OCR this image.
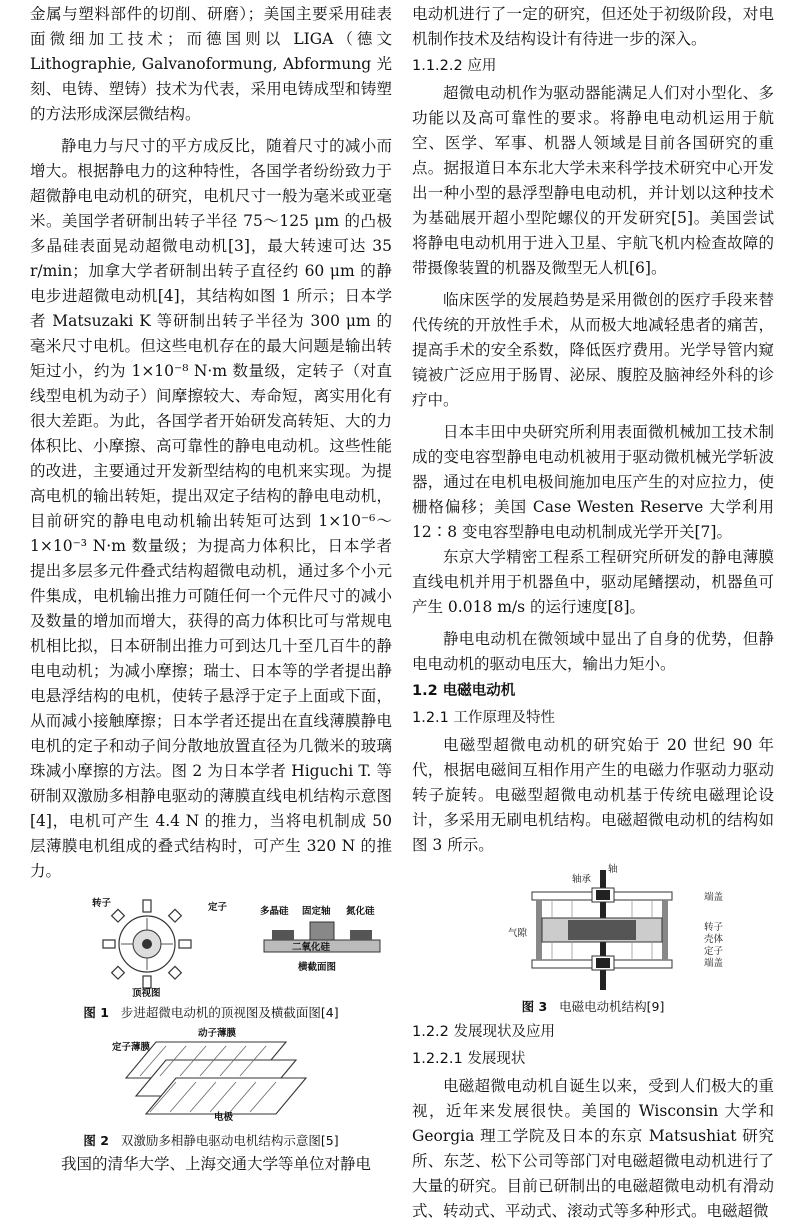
金属与塑料部件的切削、研磨）；美国主要采用硅表面微细加工技术；而德国则以 LIGA（德文 Lithographie, Galvanoformung, Abformung 光刻、电铸、塑铸）技术为代表，采用电铸成型和铸塑的方法形成深层微结构。

静电力与尺寸的平方成反比，随着尺寸的减小而增大。根据静电力的这种特性，各国学者纷纷致力于超微静电电动机的研究，电机尺寸一般为毫米或亚毫米。美国学者研制出转子半径 75～125 μm 的凸极多晶硅表面晃动超微电动机[3]，最大转速可达 35 r/min；加拿大学者研制出转子直径约 60 μm 的静电步进超微电动机[4]，其结构如图 1 所示；日本学者 Matsuzaki K 等研制出转子半径为 300 μm 的毫米尺寸电机。但这些电机存在的最大问题是输出转矩过小，约为 1×10⁻⁸ N·m 数量级，定转子（对直线型电机为动子）间摩擦较大、寿命短，离实用化有很大差距。为此，各国学者开始研发高转矩、大的力体积比、小摩擦、高可靠性的静电电动机。这些性能的改进，主要通过开发新型结构的电机来实现。为提高电机的输出转矩，提出双定子结构的静电电动机，目前研究的静电电动机输出转矩可达到 1×10⁻⁶～1×10⁻³ N·m 数量级；为提高力体积比，日本学者提出多层多元件叠式结构超微电动机，通过多个小元件集成，电机输出推力可随任何一个元件尺寸的减小及数量的增加而增大，获得的高力体积比可与常规电机相比拟，日本研制出推力可到达几十至几百牛的静电电动机；为减小摩擦；瑞士、日本等的学者提出静电悬浮结构的电机，使转子悬浮于定子上面或下面，从而减小接触摩擦；日本学者还提出在直线薄膜静电电机的定子和动子间分散地放置直径为几微米的玻璃珠减小摩擦的方法。图 2 为日本学者 Higuchi T. 等研制双激励多相静电驱动的薄膜直线电机结构示意图[4]，电机可产生 4.4 N 的推力，当将电机制成 50 层薄膜电机组成的叠式结构时，可产生 320 N 的推力。

转子	定子
顶视图
多晶硅 固定轴 氮化硅
二氧化硅
横截面图
图 1 步进超微电动机的顶视图及横截面图[4]
动子薄膜
定子薄膜
电极
图 2 双激励多相静电驱动电机结构示意图[5]

我国的清华大学、上海交通大学等单位对静电

电动机进行了一定的研究，但还处于初级阶段，对电机制作技术及结构设计有待进一步的深入。

1.1.2.2 应用

超微电动机作为驱动器能满足人们对小型化、多功能以及高可靠性的要求。将静电电动机运用于航空、医学、军事、机器人领域是目前各国研究的重点。据报道日本东北大学未来科学技术研究中心开发出一种小型的悬浮型静电电动机，并计划以这种技术为基础展开超小型陀螺仪的开发研究[5]。美国尝试将静电电动机用于进入卫星、宇航飞机内检查故障的带摄像装置的机器及微型无人机[6]。

临床医学的发展趋势是采用微创的医疗手段来替代传统的开放性手术，从而极大地减轻患者的痛苦，提高手术的安全系数，降低医疗费用。光学导管内窥镜被广泛应用于肠胃、泌尿、腹腔及脑神经外科的诊疗中。

日本丰田中央研究所利用表面微机械加工技术制成的变电容型静电电动机被用于驱动微机械光学斩波器，通过在电机电极间施加电压产生的对应拉力，使栅格偏移；美国 Case Westen Reserve 大学利用 12∶8 变电容型静电电动机制成光学开关[7]。

东京大学精密工程系工程研究所研发的静电薄膜直线电机并用于机器鱼中，驱动尾鳍摆动，机器鱼可产生 0.018 m/s 的运行速度[8]。

静电电动机在微领域中显出了自身的优势，但静电电动机的驱动电压大，输出力矩小。

1.2 电磁电动机
1.2.1 工作原理及特性

电磁型超微电动机的研究始于 20 世纪 90 年代，根据电磁间互相作用产生的电磁力作驱动力驱动转子旋转。电磁型超微电动机基于传统电磁理论设计，多采用无刷电机结构。电磁超微电动机的结构如图 3 所示。

轴
轴承
端盖
转子
壳体
定子
端盖
气隙
图 3 电磁电动机结构[9]
1.2.2 发展现状及应用
1.2.2.1 发展现状

电磁超微电动机自诞生以来，受到人们极大的重视，近年来发展很快。美国的 Wisconsin 大学和 Georgia 理工学院及日本的东京 Matsushiat 研究所、东芝、松下公司等部门对电磁超微电动机进行了大量的研究。目前已研制出的电磁超微电动机有滑动式、转动式、平动式、滚动式等多种形式。电磁超微
